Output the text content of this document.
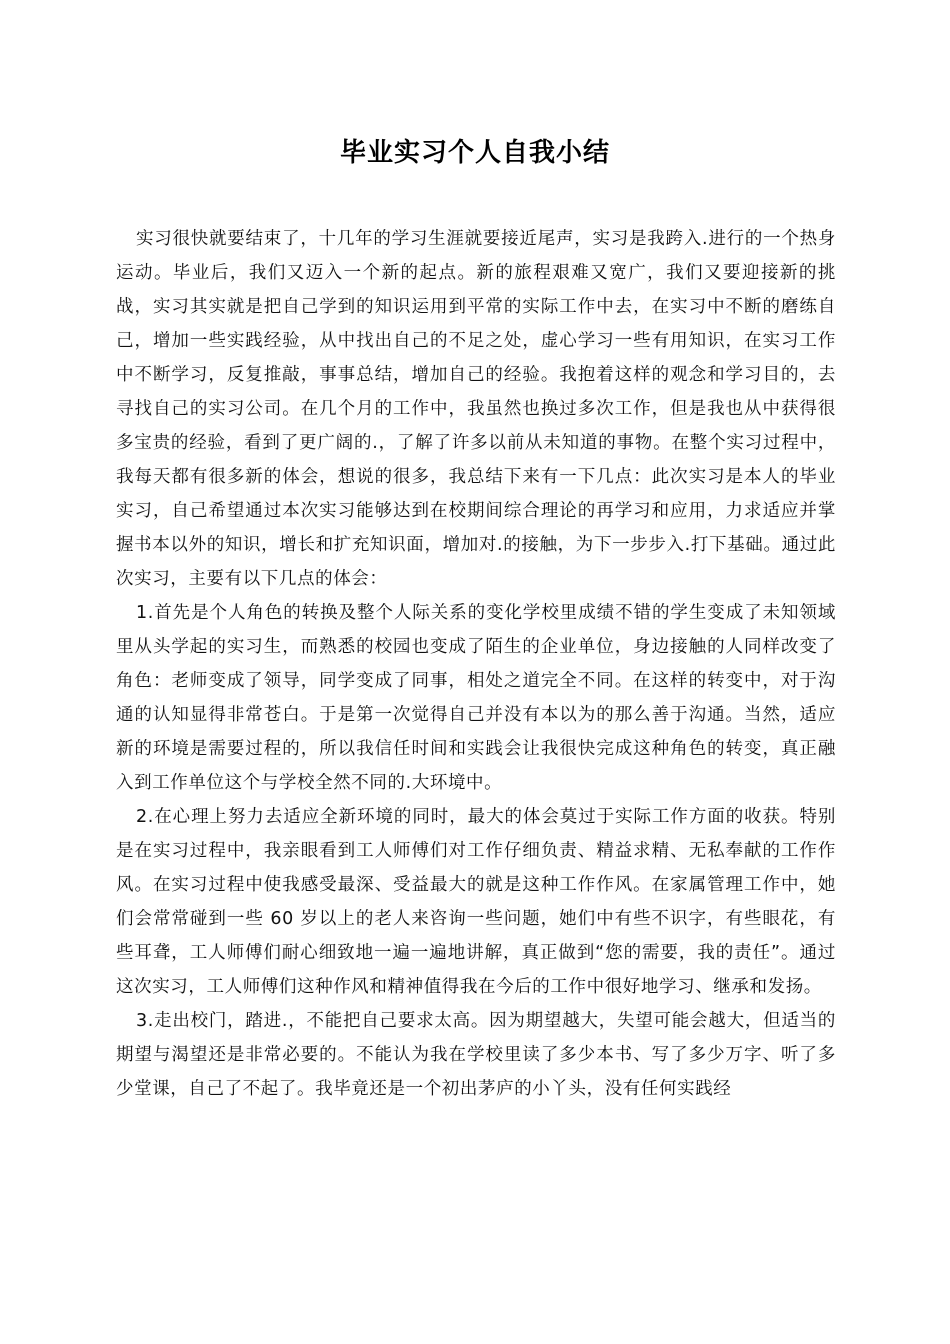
毕业实习个人自我小结

实习很快就要结束了，十几年的学习生涯就要接近尾声，实习是我跨入.进行的一个热身运动。毕业后，我们又迈入一个新的起点。新的旅程艰难又宽广，我们又要迎接新的挑战，实习其实就是把自己学到的知识运用到平常的实际工作中去，在实习中不断的磨练自己，增加一些实践经验，从中找出自己的不足之处，虚心学习一些有用知识，在实习工作中不断学习，反复推敲，事事总结，增加自己的经验。我抱着这样的观念和学习目的，去寻找自己的实习公司。在几个月的工作中，我虽然也换过多次工作，但是我也从中获得很多宝贵的经验，看到了更广阔的.，了解了许多以前从未知道的事物。在整个实习过程中，我每天都有很多新的体会，想说的很多，我总结下来有一下几点：此次实习是本人的毕业实习，自己希望通过本次实习能够达到在校期间综合理论的再学习和应用，力求适应并掌握书本以外的知识，增长和扩充知识面，增加对.的接触，为下一步步入.打下基础。通过此次实习，主要有以下几点的体会：

1.首先是个人角色的转换及整个人际关系的变化学校里成绩不错的学生变成了未知领域里从头学起的实习生，而熟悉的校园也变成了陌生的企业单位，身边接触的人同样改变了角色：老师变成了领导，同学变成了同事，相处之道完全不同。在这样的转变中，对于沟通的认知显得非常苍白。于是第一次觉得自己并没有本以为的那么善于沟通。当然，适应新的环境是需要过程的，所以我信任时间和实践会让我很快完成这种角色的转变，真正融入到工作单位这个与学校全然不同的.大环境中。

2.在心理上努力去适应全新环境的同时，最大的体会莫过于实际工作方面的收获。特别是在实习过程中，我亲眼看到工人师傅们对工作仔细负责、精益求精、无私奉献的工作作风。在实习过程中使我感受最深、受益最大的就是这种工作作风。在家属管理工作中，她们会常常碰到一些 60 岁以上的老人来咨询一些问题，她们中有些不识字，有些眼花，有些耳聋，工人师傅们耐心细致地一遍一遍地讲解，真正做到“您的需要，我的责任”。通过这次实习，工人师傅们这种作风和精神值得我在今后的工作中很好地学习、继承和发扬。

3.走出校门，踏进.，不能把自己要求太高。因为期望越大，失望可能会越大，但适当的期望与渴望还是非常必要的。不能认为我在学校里读了多少本书、写了多少万字、听了多少堂课，自己了不起了。我毕竟还是一个初出茅庐的小丫头，没有任何实践经
